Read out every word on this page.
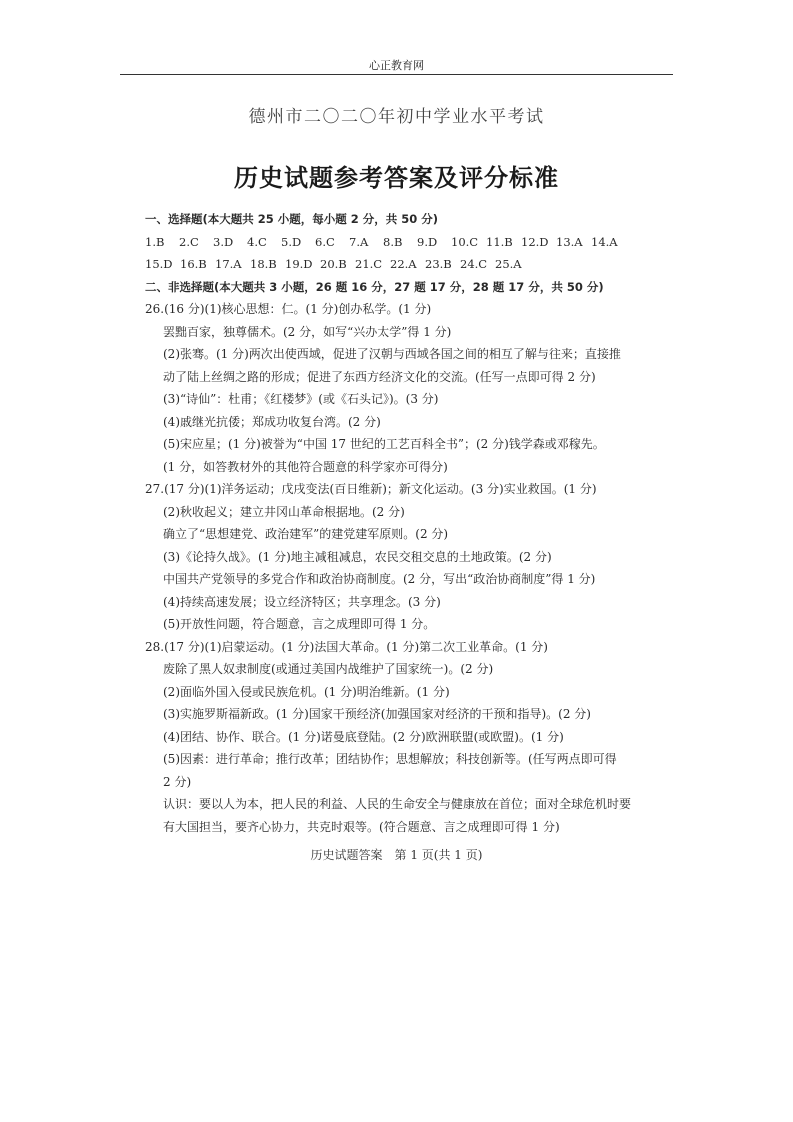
心正教育网
德州市二〇二〇年初中学业水平考试
历史试题参考答案及评分标准
一、选择题(本大题共 25 小题，每小题 2 分，共 50 分)
1.B	2.C	3.D	4.C	5.D	6.C	7.A	8.B	9.D	10.C 11.B 12.D 13.A 14.A
15.D 16.B 17.A 18.B 19.D 20.B 21.C 22.A 23.B 24.C 25.A
二、非选择题(本大题共 3 小题，26 题 16 分，27 题 17 分，28 题 17 分，共 50 分)
26.(16 分)(1)核心思想：仁。(1 分)创办私学。(1 分)
罢黜百家，独尊儒术。(2 分，如写“兴办太学”得 1 分)
(2)张骞。(1 分)两次出使西域，促进了汉朝与西域各国之间的相互了解与往来；直接推
动了陆上丝绸之路的形成；促进了东西方经济文化的交流。(任写一点即可得 2 分)
(3)“诗仙”：杜甫；《红楼梦》(或《石头记》)。(3 分)
(4)戚继光抗倭；郑成功收复台湾。(2 分)
(5)宋应星；(1 分)被誉为“中国 17 世纪的工艺百科全书”；(2 分)钱学森或邓稼先。
(1 分，如答教材外的其他符合题意的科学家亦可得分)
27.(17 分)(1)洋务运动；戊戌变法(百日维新)；新文化运动。(3 分)实业救国。(1 分)
(2)秋收起义；建立井冈山革命根据地。(2 分)
确立了“思想建党、政治建军”的建党建军原则。(2 分)
(3)《论持久战》。(1 分)地主减租减息，农民交租交息的土地政策。(2 分)
中国共产党领导的多党合作和政治协商制度。(2 分，写出“政治协商制度”得 1 分)
(4)持续高速发展；设立经济特区；共享理念。(3 分)
(5)开放性问题，符合题意，言之成理即可得 1 分。
28.(17 分)(1)启蒙运动。(1 分)法国大革命。(1 分)第二次工业革命。(1 分)
废除了黑人奴隶制度(或通过美国内战维护了国家统一)。(2 分)
(2)面临外国入侵或民族危机。(1 分)明治维新。(1 分)
(3)实施罗斯福新政。(1 分)国家干预经济(加强国家对经济的干预和指导)。(2 分)
(4)团结、协作、联合。(1 分)诺曼底登陆。(2 分)欧洲联盟(或欧盟)。(1 分)
(5)因素：进行革命；推行改革；团结协作；思想解放；科技创新等。(任写两点即可得
2 分)
认识：要以人为本，把人民的利益、人民的生命安全与健康放在首位；面对全球危机时要
有大国担当，要齐心协力，共克时艰等。(符合题意、言之成理即可得 1 分)
历史试题答案　第 1 页(共 1 页)
